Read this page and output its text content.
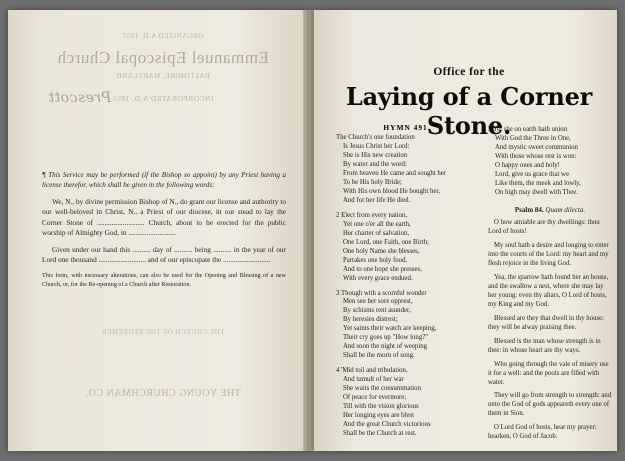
ORGANIZED A.D. 1837
Emmanuel Episcopal Church
BALTIMORE, MARYLAND
INCORPORATED A.D. 1855
Prescott
THE CHURCH OF THE REDEEMER
THE YOUNG CHURCHMAN CO.

¶ This Service may be performed (if the Bishop so appoint) by any Priest having a license therefor, which shall be given in the following words:

We, N., by divine permission Bishop of N., do grant our license and authority to our well-beloved in Christ, N., a Priest of our diocese, in our stead to lay the Corner Stone of .......................... Church, about to be erected for the public worship of Almighty God, in ..........................

Given under our hand this .......... day of .......... being .......... in the year of our Lord one thousand .......................... and of our episcopate the ..........................

This form, with necessary alterations, can also be used for the Opening and Blessing of a new Church, or, for the Re-opening of a Church after Restoration.

Office for the
Laying of a Corner Stone.
HYMN 491.
The Church's one foundation
Is Jesus Christ her Lord:
She is His new creation
By water and the word:
From heaven He came and sought her
To be His holy Bride;
With His own blood He bought her,
And for her life He died.
2 Elect from every nation,
Yet one o'er all the earth,
Her charter of salvation,
One Lord, one Faith, one Birth;
One holy Name she blesses,
Partakes one holy food,
And to one hope she presses,
With every grace endued.
3 Though with a scornful wonder
Men see her sore opprest,
By schisms rent asunder,
By heresies distrest;
Yet saints their watch are keeping,
Their cry goes up "How long?"
And soon the night of weeping
Shall be the morn of song.
4 'Mid toil and tribulation,
And tumult of her war
She waits the consummation
Of peace for evermore;
Till with the vision glorious
Her longing eyes are blest
And the great Church victorious
Shall be the Church at rest.
5 Yet she on earth hath union
With God the Three in One,
And mystic sweet communion
With those whose rest is won:
O happy ones and holy!
Lord, give us grace that we
Like them, the meek and lowly,
On high may dwell with Thee.
Psalm 84. Quam dilecta.
O how amiable are thy dwellings: thou Lord of hosts!
My soul hath a desire and longing to enter into the courts of the Lord: my heart and my flesh rejoice in the living God.
Yea, the sparrow hath found her an house, and the swallow a nest, where she may lay her young: even thy altars, O Lord of hosts, my King and my God.
Blessed are they that dwell in thy house: they will be alway praising thee.
Blessed is the man whose strength is in thee: in whose heart are thy ways.
Who going through the vale of misery use it for a well: and the pools are filled with water.
They will go from strength to strength: and unto the God of gods appeareth every one of them in Sion.
O Lord God of hosts, hear my prayer: hearken, O God of Jacob.
